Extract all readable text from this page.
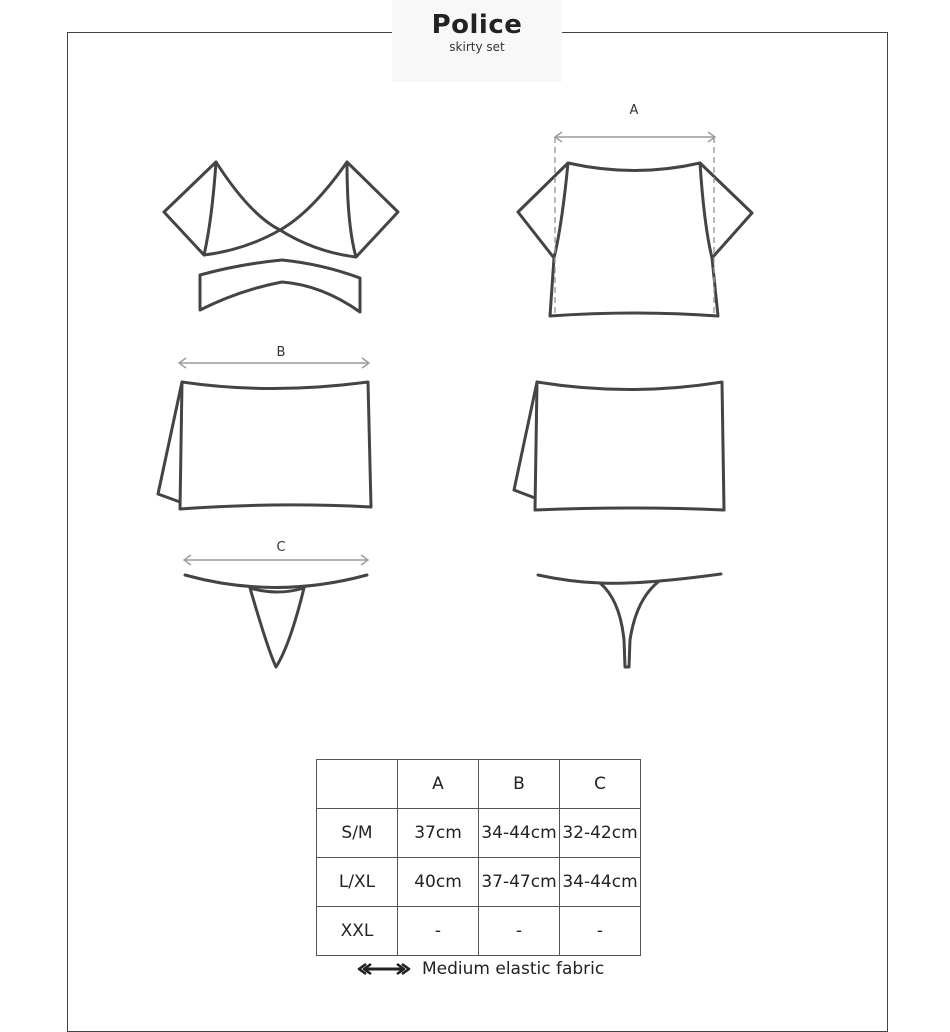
Police
skirty set
A
B
C
	A	B	C
S/M	37cm	34-44cm	32-42cm
L/XL	40cm	37-47cm	34-44cm
XXL	-	-	-
Medium elastic fabric
